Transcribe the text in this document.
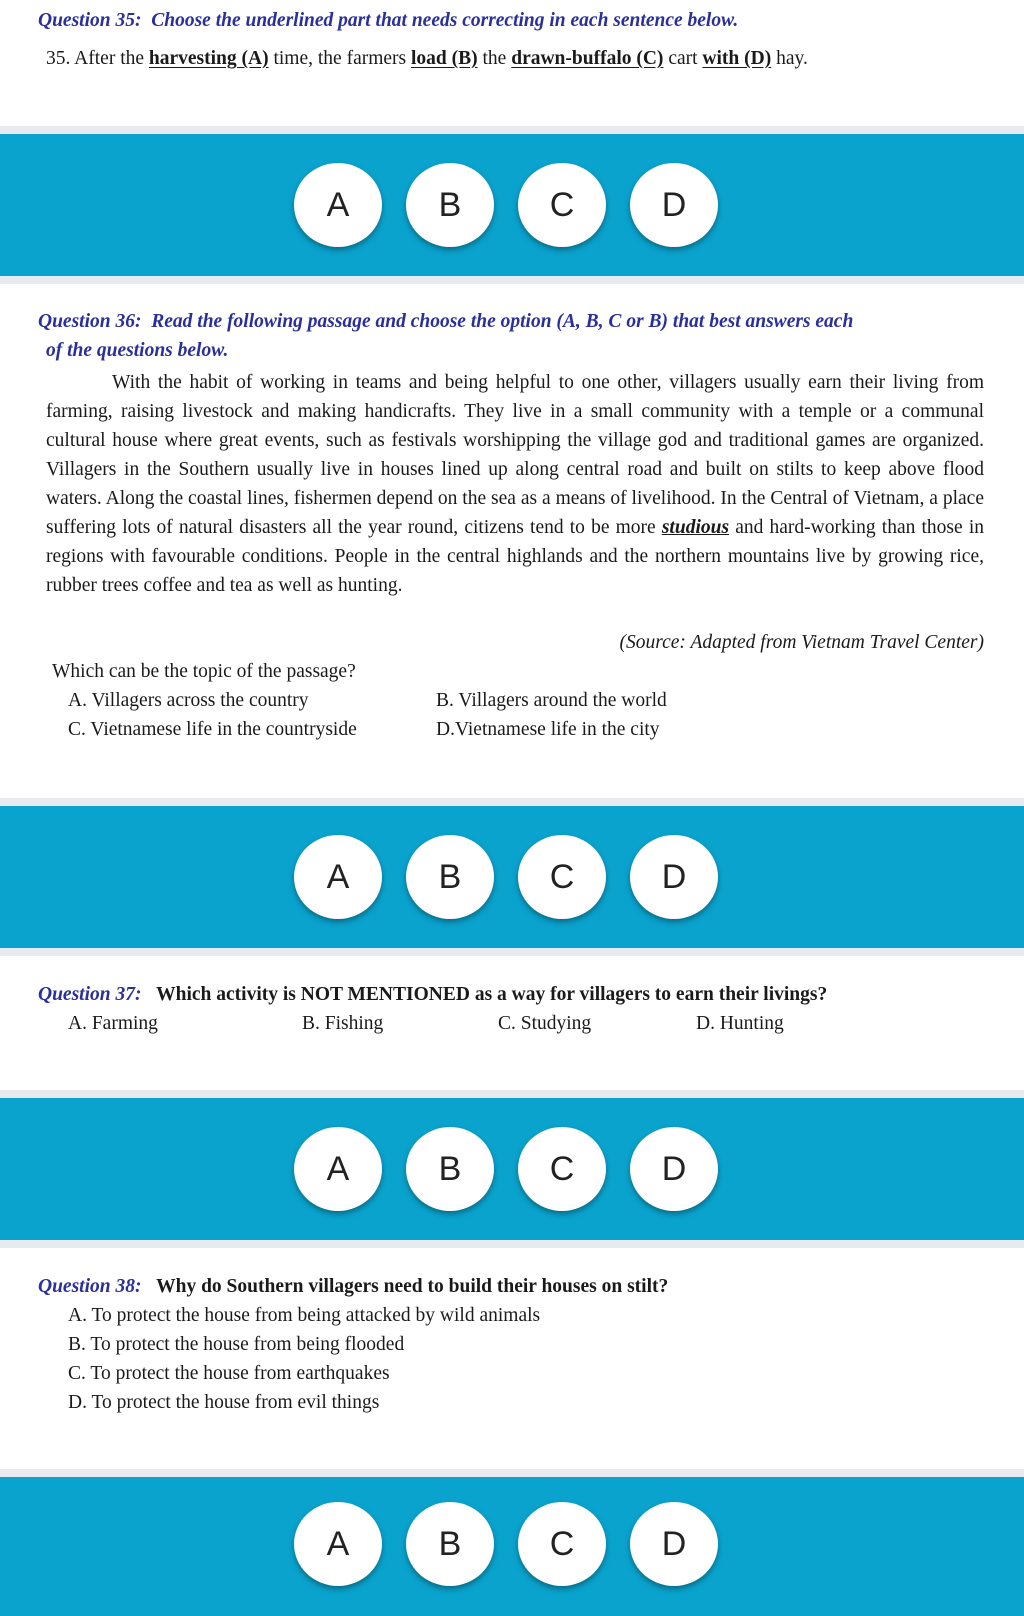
Question 35: Choose the underlined part that needs correcting in each sentence below.
35. After the harvesting (A) time, the farmers load (B) the drawn-buffalo (C) cart with (D) hay.
A	B	C	D
Question 36: Read the following passage and choose the option (A, B, C or B) that best answers each
of the questions below.
With the habit of working in teams and being helpful to one other, villagers usually earn their living from farming, raising livestock and making handicrafts. They live in a small community with a temple or a communal cultural house where great events, such as festivals worshipping the village god and traditional games are organized. Villagers in the Southern usually live in houses lined up along central road and built on stilts to keep above flood waters. Along the coastal lines, fishermen depend on the sea as a means of livelihood. In the Central of Vietnam, a place suffering lots of natural disasters all the year round, citizens tend to be more studious and hard-working than those in regions with favourable conditions. People in the central highlands and the northern mountains live by growing rice, rubber trees coffee and tea as well as hunting.
(Source: Adapted from Vietnam Travel Center)
Which can be the topic of the passage?
A. Villagers across the country	B. Villagers around the world
C. Vietnamese life in the countryside	D.Vietnamese life in the city
A	B	C	D
Question 37: Which activity is NOT MENTIONED as a way for villagers to earn their livings?
A. Farming	B. Fishing	C. Studying	D. Hunting
A	B	C	D
Question 38: Why do Southern villagers need to build their houses on stilt?
A. To protect the house from being attacked by wild animals
B. To protect the house from being flooded
C. To protect the house from earthquakes
D. To protect the house from evil things
A	B	C	D
